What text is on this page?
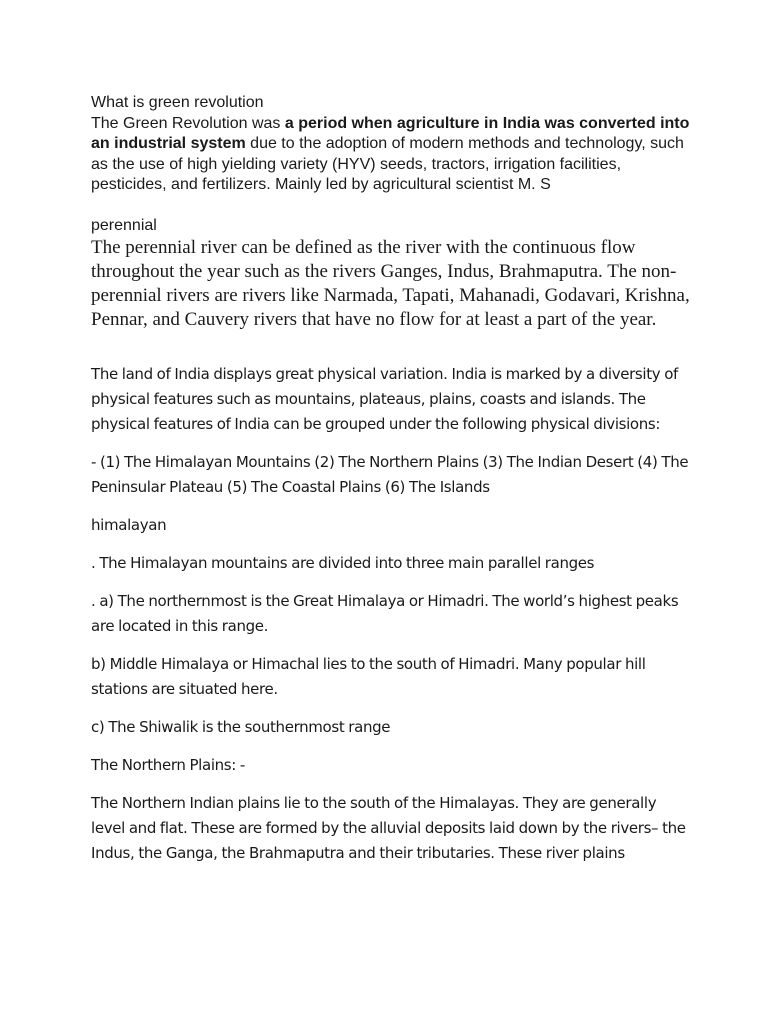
What is green revolution

The Green Revolution was a period when agriculture in India was converted into an industrial system due to the adoption of modern methods and technology, such as the use of high yielding variety (HYV) seeds, tractors, irrigation facilities, pesticides, and fertilizers. Mainly led by agricultural scientist M. S

perennial

The perennial river can be defined as the river with the continuous flow throughout the year such as the rivers Ganges, Indus, Brahmaputra. The non-perennial rivers are rivers like Narmada, Tapati, Mahanadi, Godavari, Krishna, Pennar, and Cauvery rivers that have no flow for at least a part of the year.

The land of India displays great physical variation. India is marked by a diversity of physical features such as mountains, plateaus, plains, coasts and islands. The physical features of India can be grouped under the following physical divisions:

- (1) The Himalayan Mountains (2) The Northern Plains (3) The Indian Desert (4) The Peninsular Plateau (5) The Coastal Plains (6) The Islands

himalayan

. The Himalayan mountains are divided into three main parallel ranges

. a) The northernmost is the Great Himalaya or Himadri. The world’s highest peaks are located in this range.

b) Middle Himalaya or Himachal lies to the south of Himadri. Many popular hill stations are situated here.

c) The Shiwalik is the southernmost range

The Northern Plains: -

The Northern Indian plains lie to the south of the Himalayas. They are generally level and flat. These are formed by the alluvial deposits laid down by the rivers– the Indus, the Ganga, the Brahmaputra and their tributaries. These river plains
